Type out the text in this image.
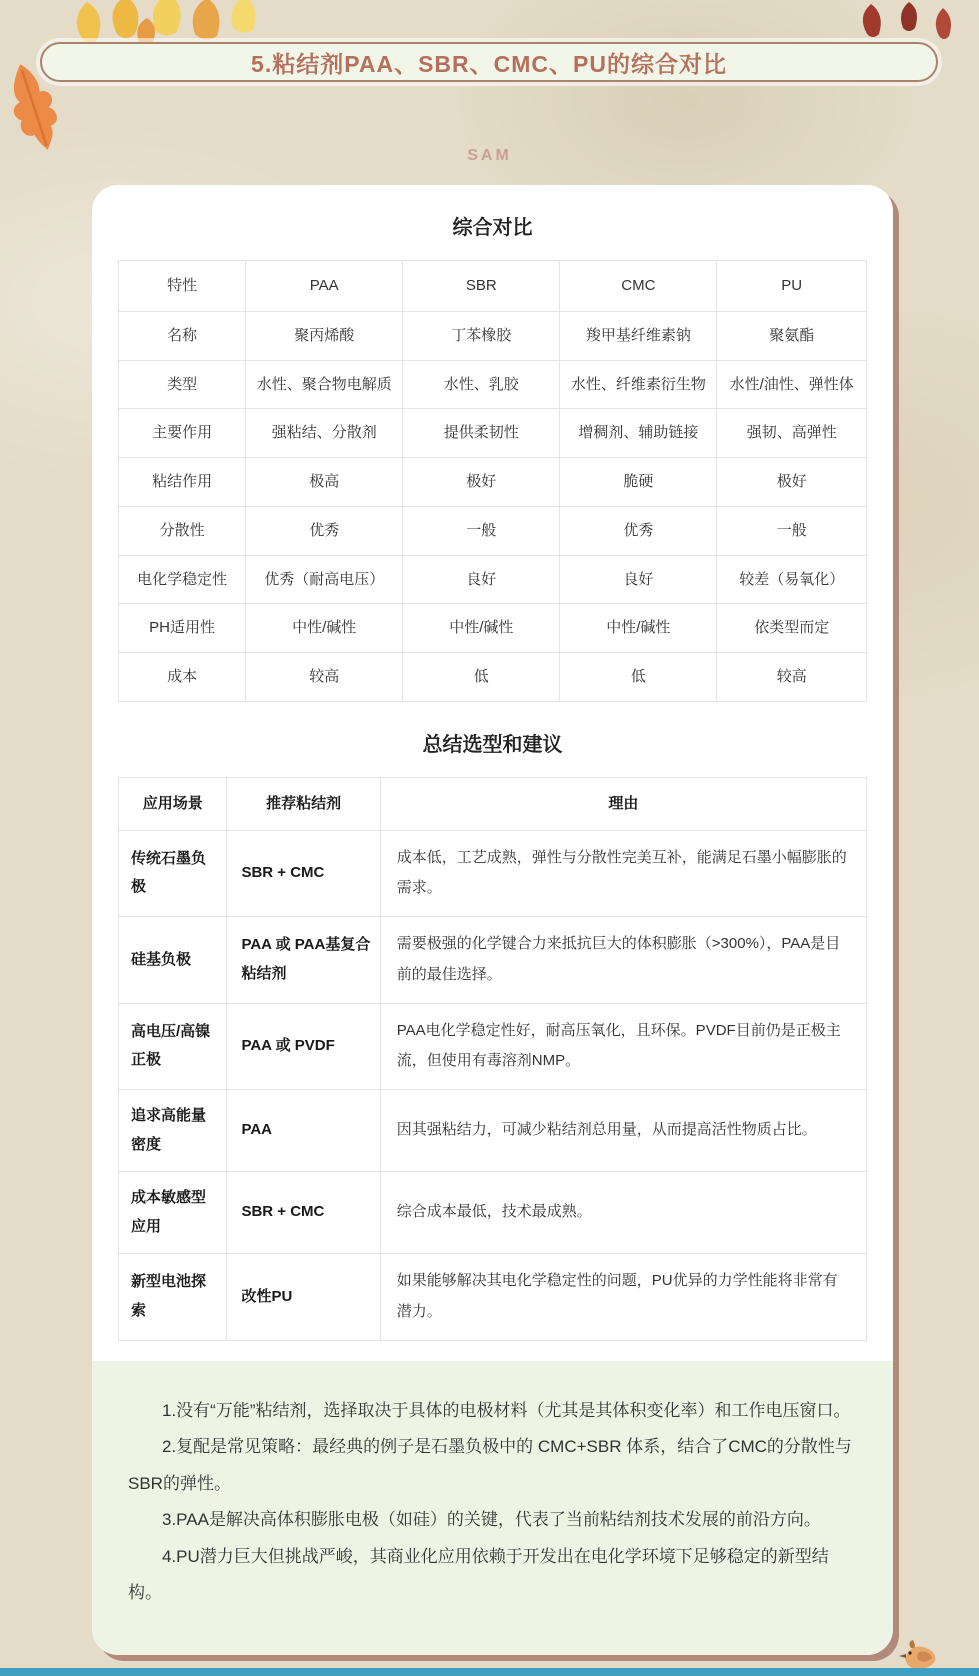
5.粘结剂PAA、SBR、CMC、PU的综合对比
SAM
综合对比
特性	PAA	SBR	CMC	PU
名称	聚丙烯酸	丁苯橡胶	羧甲基纤维素钠	聚氨酯
类型	水性、聚合物电解质	水性、乳胶	水性、纤维素衍生物	水性/油性、弹性体
主要作用	强粘结、分散剂	提供柔韧性	增稠剂、辅助链接	强韧、高弹性
粘结作用	极高	极好	脆硬	极好
分散性	优秀	一般	优秀	一般
电化学稳定性	优秀（耐高电压）	良好	良好	较差（易氧化）
PH适用性	中性/碱性	中性/碱性	中性/碱性	依类型而定
成本	较高	低	低	较高
总结选型和建议
应用场景	推荐粘结剂	理由
传统石墨负极	SBR + CMC	成本低，工艺成熟，弹性与分散性完美互补，能满足石墨小幅膨胀的需求。
硅基负极	PAA 或 PAA基复合粘结剂	需要极强的化学键合力来抵抗巨大的体积膨胀（>300%），PAA是目前的最佳选择。
高电压/高镍正极	PAA 或 PVDF	PAA电化学稳定性好，耐高压氧化，且环保。PVDF目前仍是正极主流，但使用有毒溶剂NMP。
追求高能量密度	PAA	因其强粘结力，可减少粘结剂总用量，从而提高活性物质占比。
成本敏感型应用	SBR + CMC	综合成本最低，技术最成熟。
新型电池探索	改性PU	如果能够解决其电化学稳定性的问题，PU优异的力学性能将非常有潜力。

1.没有“万能”粘结剂，选择取决于具体的电极材料（尤其是其体积变化率）和工作电压窗口。

2.复配是常见策略：最经典的例子是石墨负极中的 CMC+SBR 体系，结合了CMC的分散性与SBR的弹性。

3.PAA是解决高体积膨胀电极（如硅）的关键，代表了当前粘结剂技术发展的前沿方向。

4.PU潜力巨大但挑战严峻，其商业化应用依赖于开发出在电化学环境下足够稳定的新型结构。
